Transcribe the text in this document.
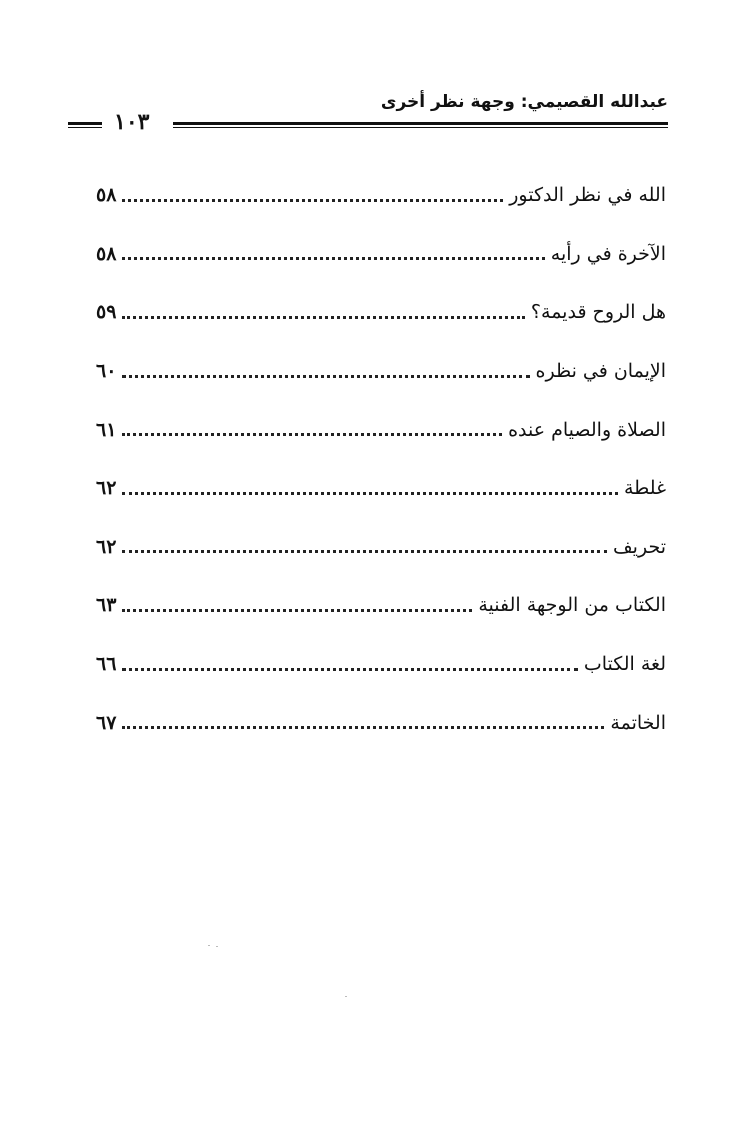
عبدالله القصيمي: وجهة نظر أخرى
١٠٣
الله في نظر الدكتور
٥٨
الآخرة في رأيه
٥٨
هل الروح قديمة؟
٥٩
الإيمان في نظره
٦٠
الصلاة والصيام عنده
٦١
غلطة
٦٢
تحريف
٦٢
الكتاب من الوجهة الفنية
٦٣
لغة الكتاب
٦٦
الخاتمة
٦٧
